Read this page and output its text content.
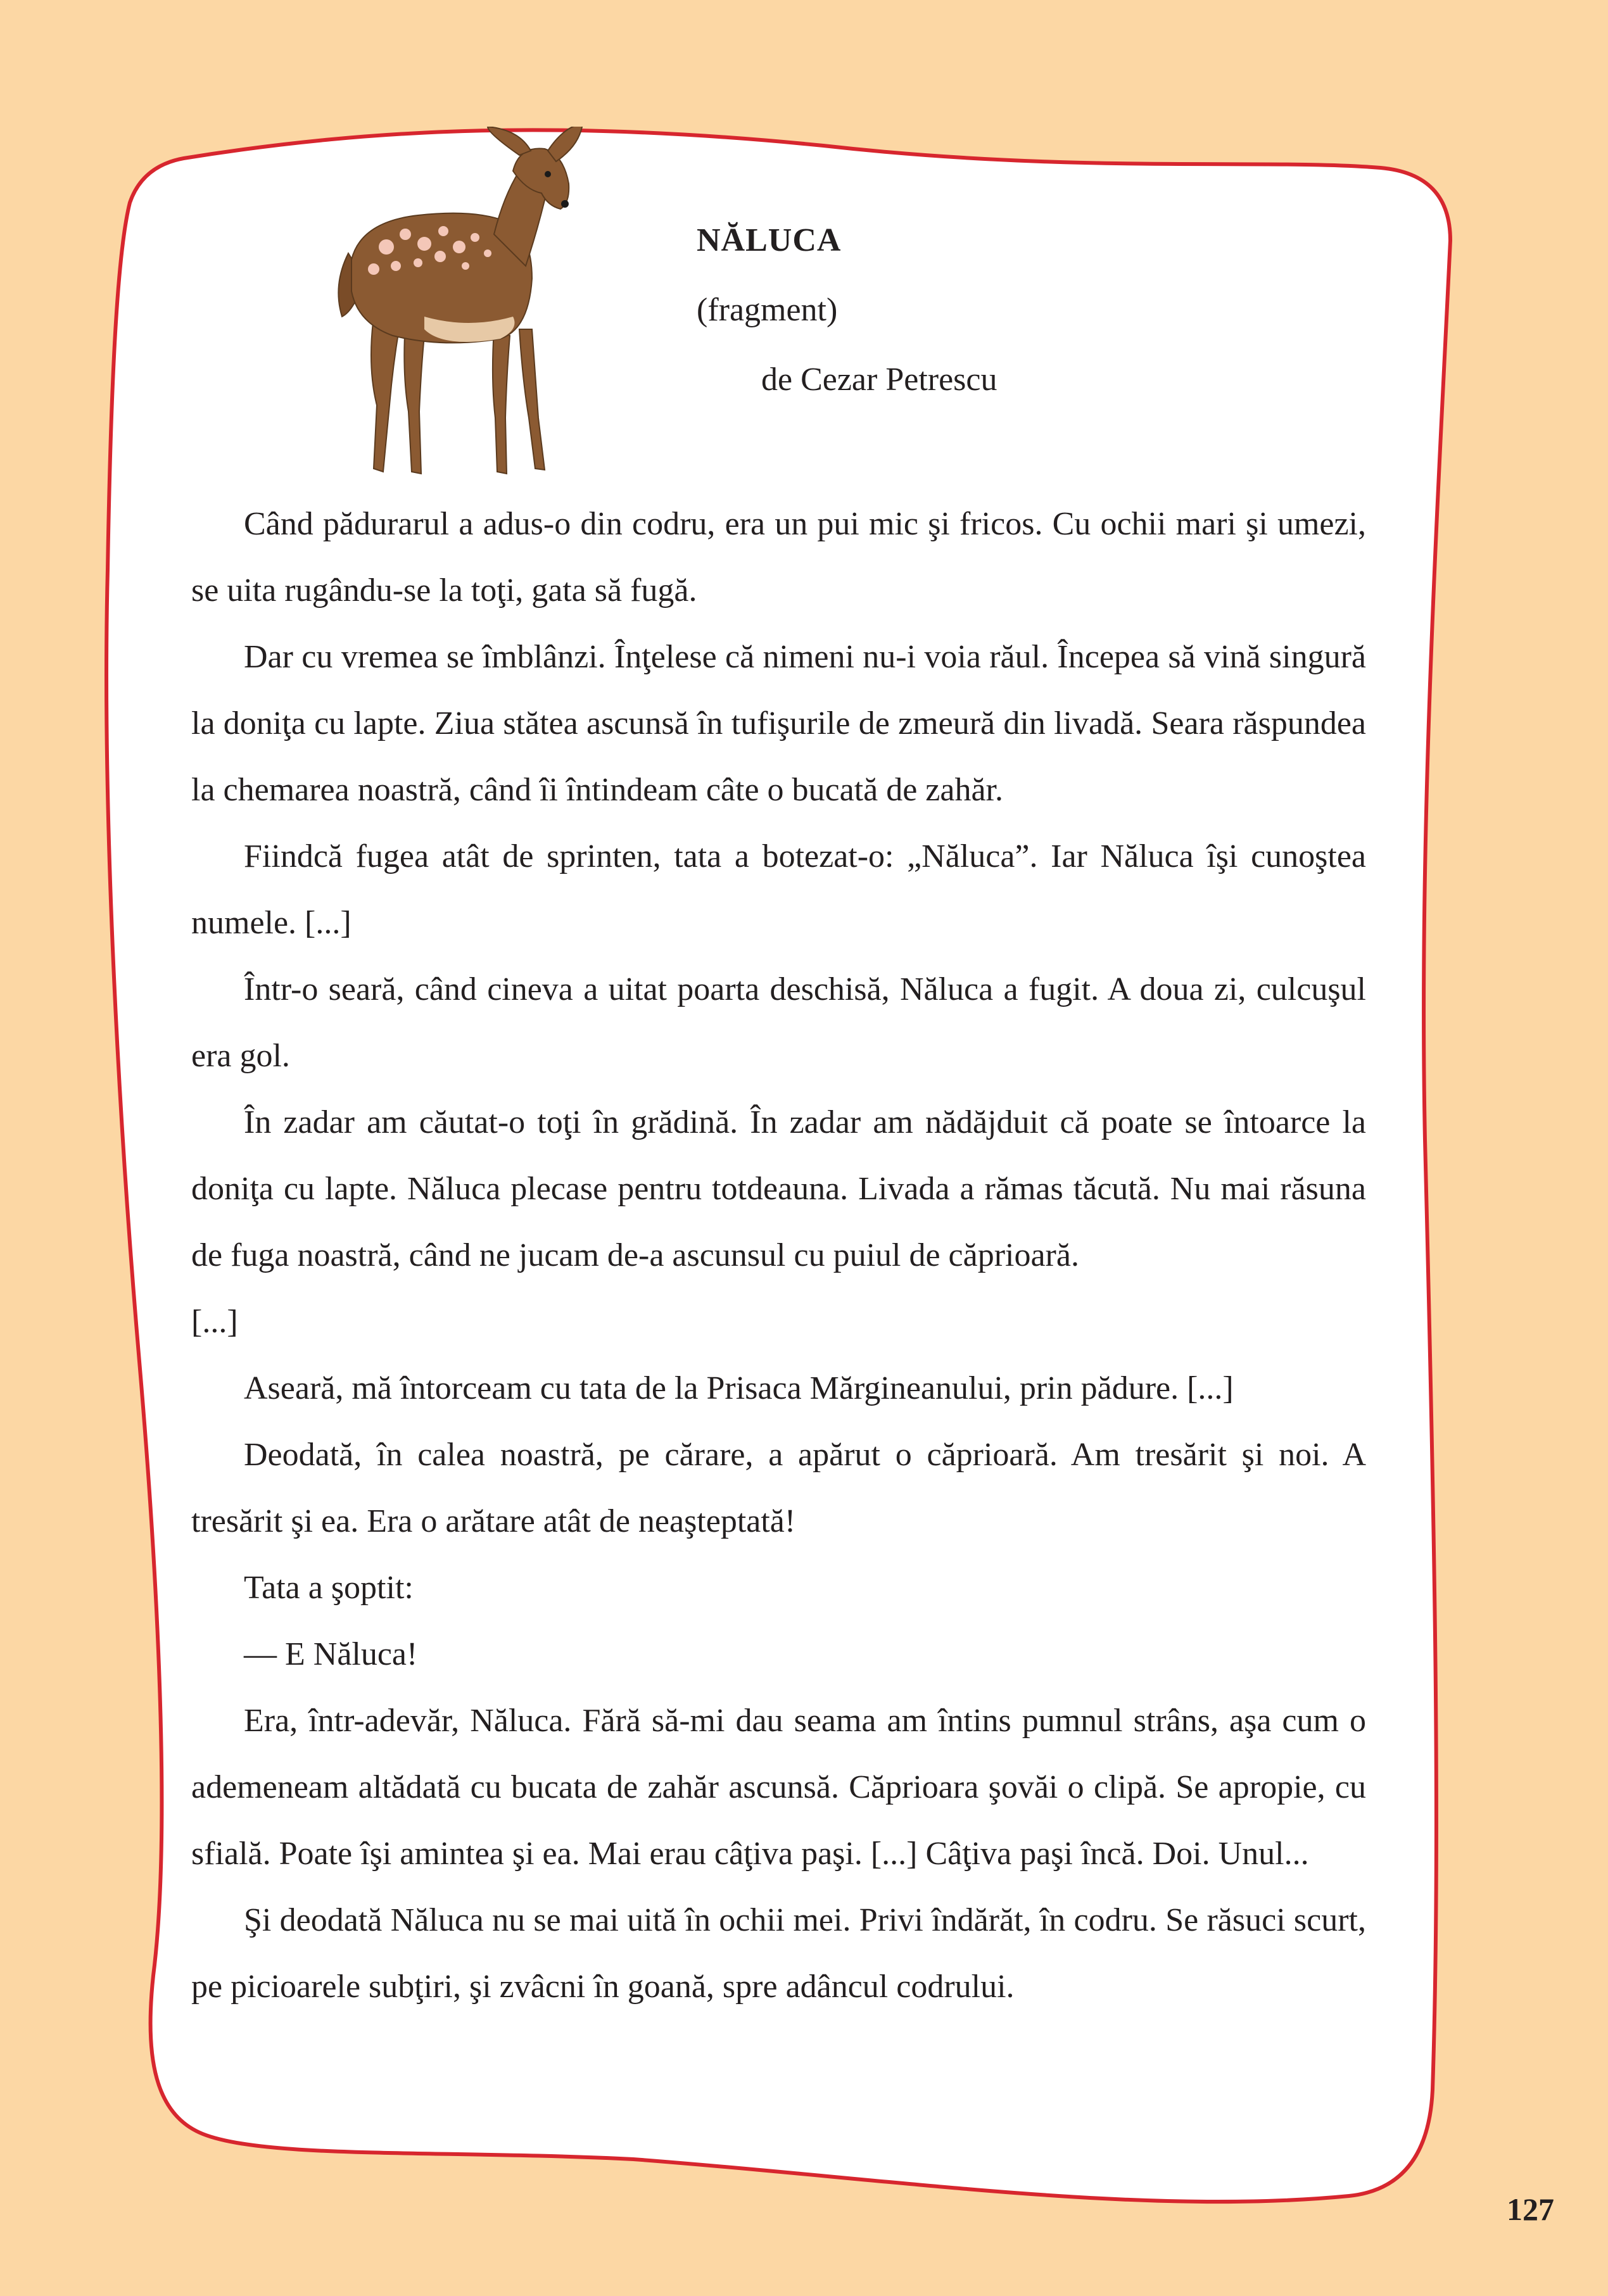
NĂLUCA
(fragment)
de Cezar Petrescu

Când pădurarul a adus-o din codru, era un pui mic şi fricos. Cu ochii mari şi umezi, se uita rugându-se la toţi, gata să fugă.

Dar cu vremea se îmblânzi. Înţelese că nimeni nu-i voia răul. Începea să vină singură la doniţa cu lapte. Ziua stătea ascunsă în tufişurile de zmeură din livadă. Seara răspundea la chemarea noastră, când îi întindeam câte o bucată de zahăr.

Fiindcă fugea atât de sprinten, tata a botezat-o: „Năluca”. Iar Năluca îşi cunoştea numele. [...]

Într-o seară, când cineva a uitat poarta deschisă, Năluca a fugit. A doua zi, culcuşul era gol.

În zadar am căutat-o toţi în grădină. În zadar am nădăjduit că poate se întoarce la doniţa cu lapte. Năluca plecase pentru totdeauna. Livada a rămas tăcută. Nu mai răsuna de fuga noastră, când ne jucam de-a ascunsul cu puiul de căprioară.

[...]

Aseară, mă întorceam cu tata de la Prisaca Mărgineanului, prin pădure. [...]

Deodată, în calea noastră, pe cărare, a apărut o căprioară. Am tresărit şi noi. A tresărit şi ea. Era o arătare atât de neaşteptată!

Tata a şoptit:

— E Năluca!

Era, într-adevăr, Năluca. Fără să-mi dau seama am întins pumnul strâns, aşa cum o ademeneam altădată cu bucata de zahăr ascunsă. Căprioara şovăi o clipă. Se apropie, cu sfială. Poate îşi amintea şi ea. Mai erau câţiva paşi. [...] Câţiva paşi încă. Doi. Unul...

Şi deodată Năluca nu se mai uită în ochii mei. Privi îndărăt, în codru. Se răsuci scurt, pe picioarele subţiri, şi zvâcni în goană, spre adâncul codrului.

127
